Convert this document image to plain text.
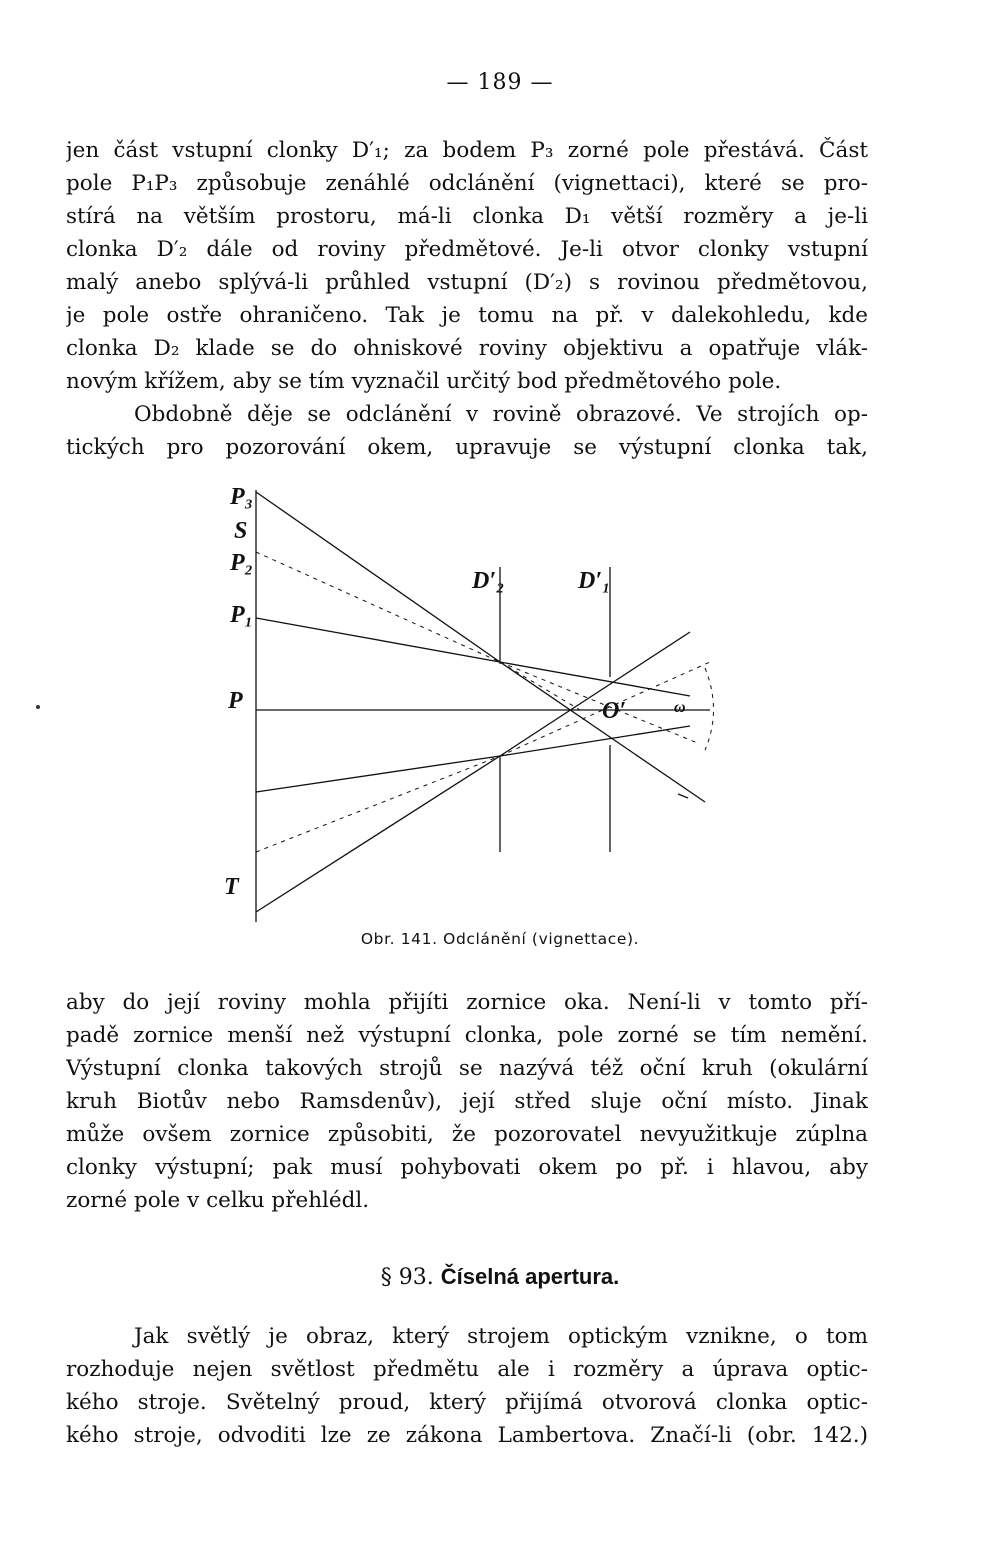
— 189 —
jen část vstupní clonky D′₁; za bodem P₃ zorné pole přestává. Část
pole P₁P₃ způsobuje zenáhlé odclánění (vignettaci), které se pro-
stírá na větším prostoru, má-li clonka D₁ větší rozměry a je-li
clonka D′₂ dále od roviny předmětové. Je-li otvor clonky vstupní
malý anebo splývá-li průhled vstupní (D′₂) s rovinou předmětovou,
je pole ostře ohraničeno. Tak je tomu na př. v dalekohledu, kde
clonka D₂ klade se do ohniskové roviny objektivu a opatřuje vlák-
novým křížem, aby se tím vyznačil určitý bod předmětového pole.
Obdobně děje se odclánění v rovině obrazové. Ve strojích op-
tických pro pozorování okem, upravuje se výstupní clonka tak,
P₃
S
P₂
P₁
P
T
D′₂	D′₁
O′	ω
Obr. 141. Odclánění (vignettace).
aby do její roviny mohla přijíti zornice oka. Není-li v tomto pří-
padě zornice menší než výstupní clonka, pole zorné se tím nemění.
Výstupní clonka takových strojů se nazývá též oční kruh (okulární
kruh Biotův nebo Ramsdenův), její střed sluje oční místo. Jinak
může ovšem zornice způsobiti, že pozorovatel nevyužitkuje zúplna
clonky výstupní; pak musí pohybovati okem po př. i hlavou, aby
zorné pole v celku přehlédl.
§ 93. Číselná apertura.
Jak světlý je obraz, který strojem optickým vznikne, o tom
rozhoduje nejen světlost předmětu ale i rozměry a úprava optic-
kého stroje. Světelný proud, který přijímá otvorová clonka optic-
kého stroje, odvoditi lze ze zákona Lambertova. Značí-li (obr. 142.)
